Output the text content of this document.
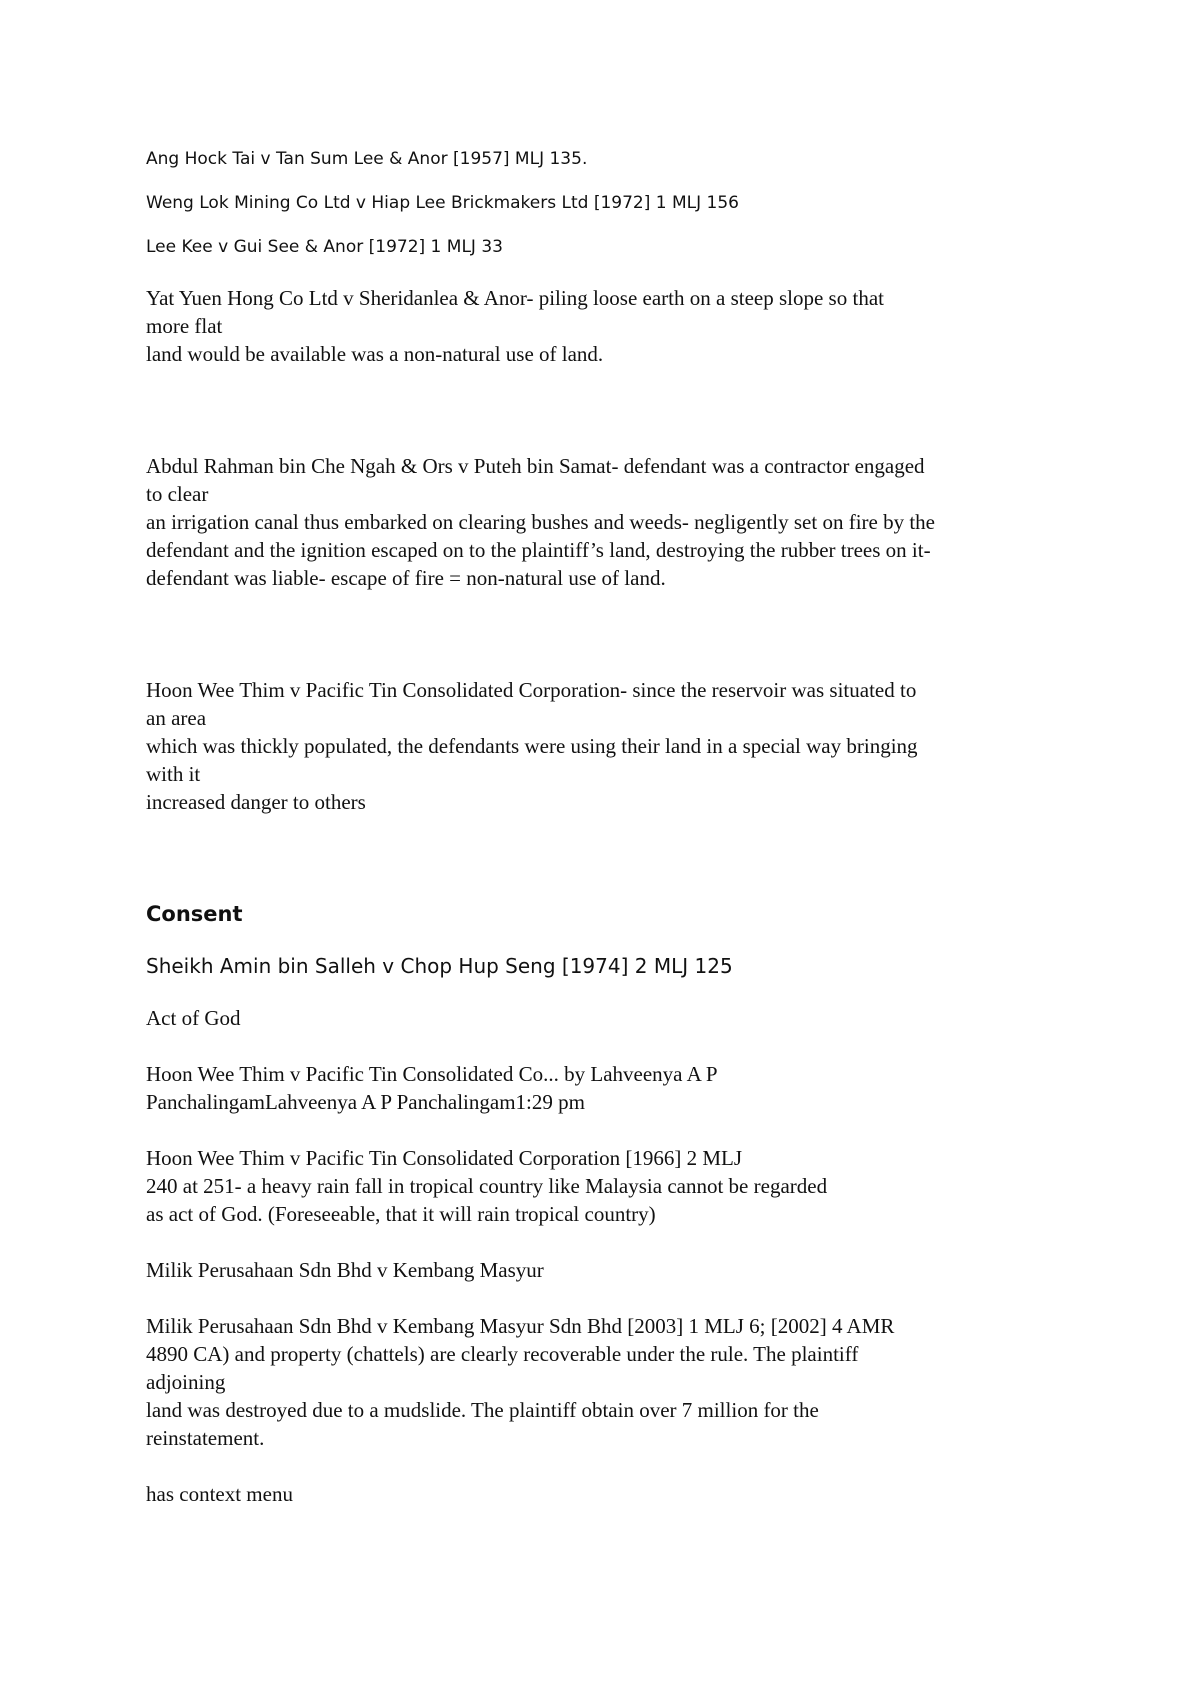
Ang Hock Tai v Tan Sum Lee & Anor [1957] MLJ 135.

Weng Lok Mining Co Ltd v Hiap Lee Brickmakers Ltd [1972] 1 MLJ 156

Lee Kee v Gui See & Anor [1972] 1 MLJ 33

Yat Yuen Hong Co Ltd v Sheridanlea & Anor- piling loose earth on a steep slope so that
more flat
land would be available was a non-natural use of land.

Abdul Rahman bin Che Ngah & Ors v Puteh bin Samat- defendant was a contractor engaged
to clear
an irrigation canal thus embarked on clearing bushes and weeds- negligently set on fire by the
defendant and the ignition escaped on to the plaintiff’s land, destroying the rubber trees on it-
defendant was liable- escape of fire = non-natural use of land.

Hoon Wee Thim v Pacific Tin Consolidated Corporation- since the reservoir was situated to
an area
which was thickly populated, the defendants were using their land in a special way bringing
with it
increased danger to others

Consent

Sheikh Amin bin Salleh v Chop Hup Seng [1974] 2 MLJ 125

Act of God

Hoon Wee Thim v Pacific Tin Consolidated Co... by Lahveenya A P
PanchalingamLahveenya A P Panchalingam1:29 pm

Hoon Wee Thim v Pacific Tin Consolidated Corporation [1966] 2 MLJ
240 at 251- a heavy rain fall in tropical country like Malaysia cannot be regarded
as act of God. (Foreseeable, that it will rain tropical country)

Milik Perusahaan Sdn Bhd v Kembang Masyur

Milik Perusahaan Sdn Bhd v Kembang Masyur Sdn Bhd [2003] 1 MLJ 6; [2002] 4 AMR
4890 CA) and property (chattels) are clearly recoverable under the rule. The plaintiff
adjoining
land was destroyed due to a mudslide. The plaintiff obtain over 7 million for the
reinstatement.

has context menu
